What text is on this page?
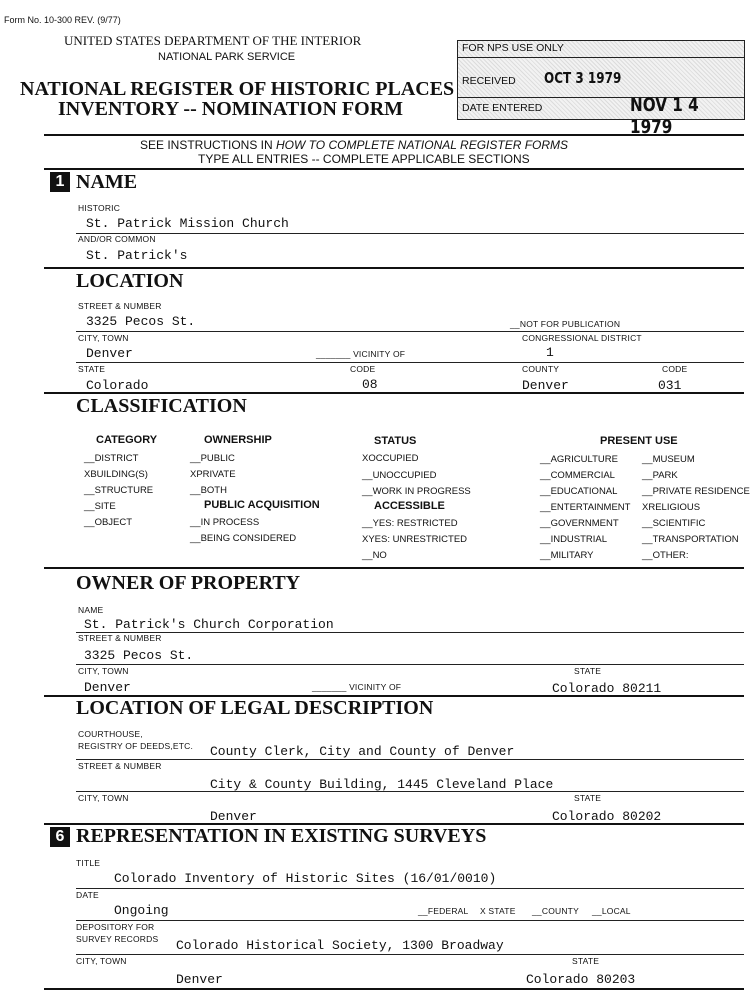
Form No. 10-300 REV. (9/77)
UNITED STATES DEPARTMENT OF THE INTERIOR
NATIONAL PARK SERVICE
NATIONAL REGISTER OF HISTORIC PLACES
INVENTORY -- NOMINATION FORM
FOR NPS USE ONLY
RECEIVED OCT 3 1979
DATE ENTERED	NOV 1 4 1979
SEE INSTRUCTIONS IN HOW TO COMPLETE NATIONAL REGISTER FORMS
TYPE ALL ENTRIES -- COMPLETE APPLICABLE SECTIONS
1 NAME
HISTORIC
St. Patrick Mission Church
AND/OR COMMON
St. Patrick's
LOCATION
STREET & NUMBER
3325 Pecos St.	__NOT FOR PUBLICATION
CITY, TOWN	CONGRESSIONAL DISTRICT
Denver	_______ VICINITY OF	1
STATE	CODE	COUNTY	CODE
Colorado	08	Denver	031
CLASSIFICATION
CATEGORY
__DISTRICT
XBUILDING(S)
__STRUCTURE
__SITE
__OBJECT
OWNERSHIP
__PUBLIC
XPRIVATE
__BOTH
PUBLIC ACQUISITION
__IN PROCESS
__BEING CONSIDERED
STATUS
XOCCUPIED
__UNOCCUPIED
__WORK IN PROGRESS
ACCESSIBLE
__YES: RESTRICTED
XYES: UNRESTRICTED
__NO
PRESENT USE
__AGRICULTURE
__COMMERCIAL
__EDUCATIONAL
__ENTERTAINMENT
__GOVERNMENT
__INDUSTRIAL
__MILITARY
__MUSEUM
__PARK
__PRIVATE RESIDENCE
XRELIGIOUS
__SCIENTIFIC
__TRANSPORTATION
__OTHER:
OWNER OF PROPERTY
NAME
St. Patrick's Church Corporation
STREET & NUMBER
3325 Pecos St.
CITY, TOWN	STATE
Denver	_______ VICINITY OF	Colorado 80211
LOCATION OF LEGAL DESCRIPTION
COURTHOUSE,
REGISTRY OF DEEDS,ETC. County Clerk, City and County of Denver
STREET & NUMBER
City & County Building, 1445 Cleveland Place
CITY, TOWN	STATE
Denver	Colorado 80202
6 REPRESENTATION IN EXISTING SURVEYS
TITLE
Colorado Inventory of Historic Sites (16/01/0010)
DATE
Ongoing	__FEDERAL X STATE __COUNTY __LOCAL
DEPOSITORY FOR
SURVEY RECORDS Colorado Historical Society, 1300 Broadway
CITY, TOWN	STATE
Denver	Colorado 80203
